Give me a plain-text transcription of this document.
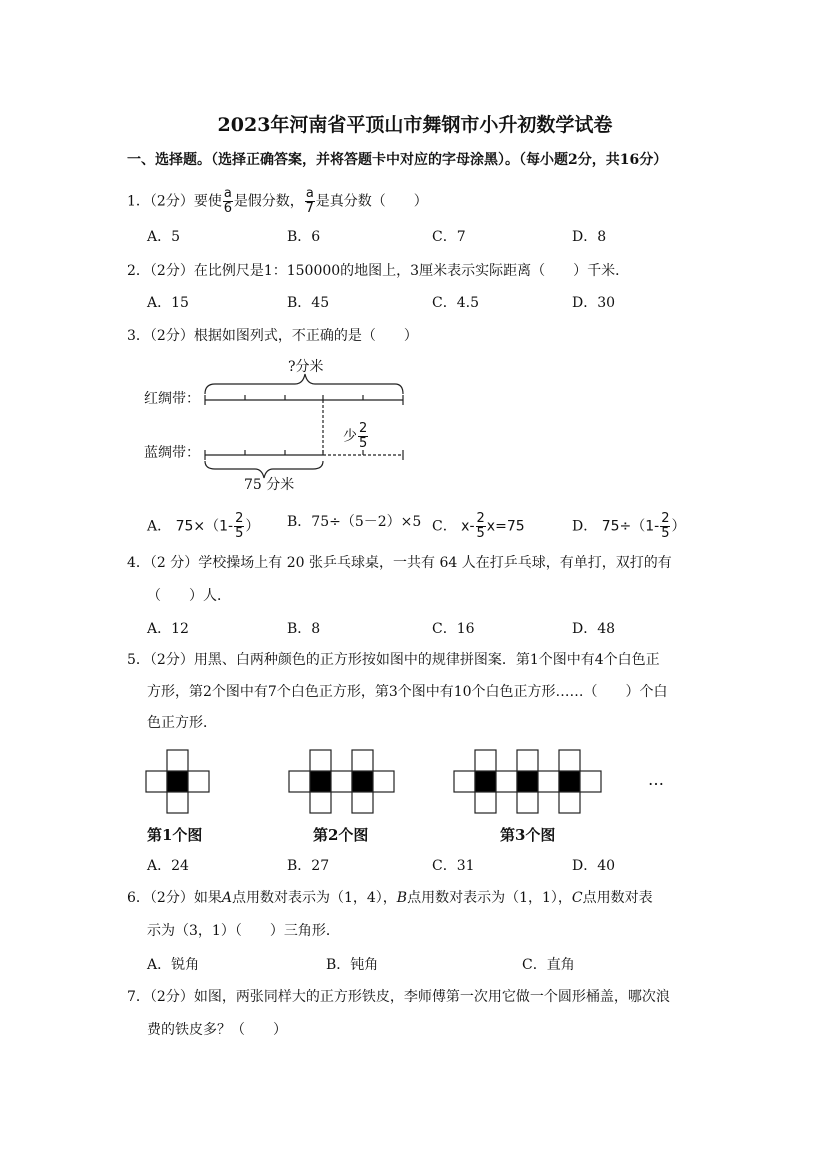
2023年河南省平顶山市舞钢市小升初数学试卷
一、选择题。（选择正确答案，并将答题卡中对应的字母涂黑）。（每小题2分，共16分）
1．（2分）要使 $\frac{a}{6}$ 是假分数， $\frac{a}{7}$ 是真分数（　　）
A．5	B．6	C．7	D．8
2．（2分）在比例尺是1：150000的地图上，3厘米表示实际距离（　　）千米．
A．15	B．45	C．4.5	D．30
3．（2分）根据如图列式，不正确的是（　　）
?分米
红绸带：
少 $\frac{2}{5}$
蓝绸带：
75 分米
A． $75\times(1- \frac{2}{5}$ ） B．75÷（5－2）×5 C． $x- \frac{2}{5} x=75$	D． $75\div(1- \frac{2}{5}$ ）
4．（2 分）学校操场上有 20 张乒乓球桌，一共有 64 人在打乒乓球，有单打，双打的有
（　　）人．
A．12	B．8	C．16	D．48
5．（2分）用黑、白两种颜色的正方形按如图中的规律拼图案．第1个图中有4个白色正
方形，第2个图中有7个白色正方形，第3个图中有10个白色正方形……（　　）个白
色正方形．
第1个图	第2个图	第3个图
…
A．24	B．27	C．31	D．40
6．（2分）如果A点用数对表示为（1，4），B点用数对表示为（1，1），C点用数对表
示为（3，1）（　　）三角形．
A．锐角	B．钝角	C．直角
7．（2分）如图，两张同样大的正方形铁皮，李师傅第一次用它做一个圆形桶盖，哪次浪
费的铁皮多？（　　）
